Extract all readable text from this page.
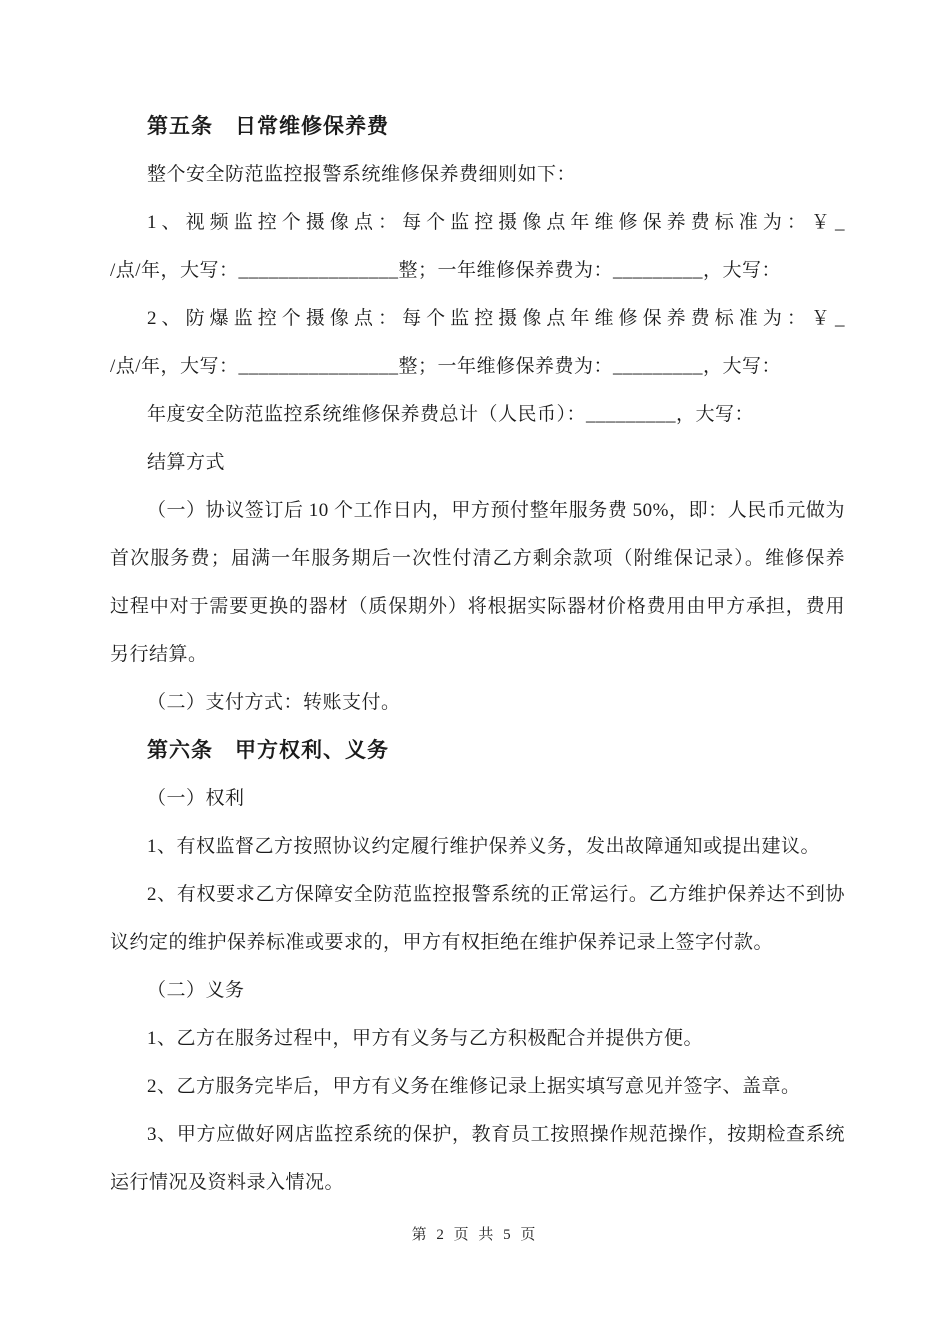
第五条　日常维修保养费
整个安全防范监控报警系统维修保养费细则如下：
1、视频监控个摄像点：每个监控摄像点年维修保养费标准为：￥_
/点/年，大写：________________整；一年维修保养费为：_________，大写：
2、防爆监控个摄像点：每个监控摄像点年维修保养费标准为：￥_
/点/年，大写：________________整；一年维修保养费为：_________，大写：
年度安全防范监控系统维修保养费总计（人民币）：_________，大写：
结算方式
（一）协议签订后 10 个工作日内，甲方预付整年服务费 50%，即：人民币元做为
首次服务费；届满一年服务期后一次性付清乙方剩余款项（附维保记录）。维修保养
过程中对于需要更换的器材（质保期外）将根据实际器材价格费用由甲方承担，费用
另行结算。
（二）支付方式：转账支付。
第六条　甲方权利、义务
（一）权利
1、有权监督乙方按照协议约定履行维护保养义务，发出故障通知或提出建议。
2、有权要求乙方保障安全防范监控报警系统的正常运行。乙方维护保养达不到协
议约定的维护保养标准或要求的，甲方有权拒绝在维护保养记录上签字付款。
（二）义务
1、乙方在服务过程中，甲方有义务与乙方积极配合并提供方便。
2、乙方服务完毕后，甲方有义务在维修记录上据实填写意见并签字、盖章。
3、甲方应做好网店监控系统的保护，教育员工按照操作规范操作，按期检查系统
运行情况及资料录入情况。
第 2 页 共 5 页
